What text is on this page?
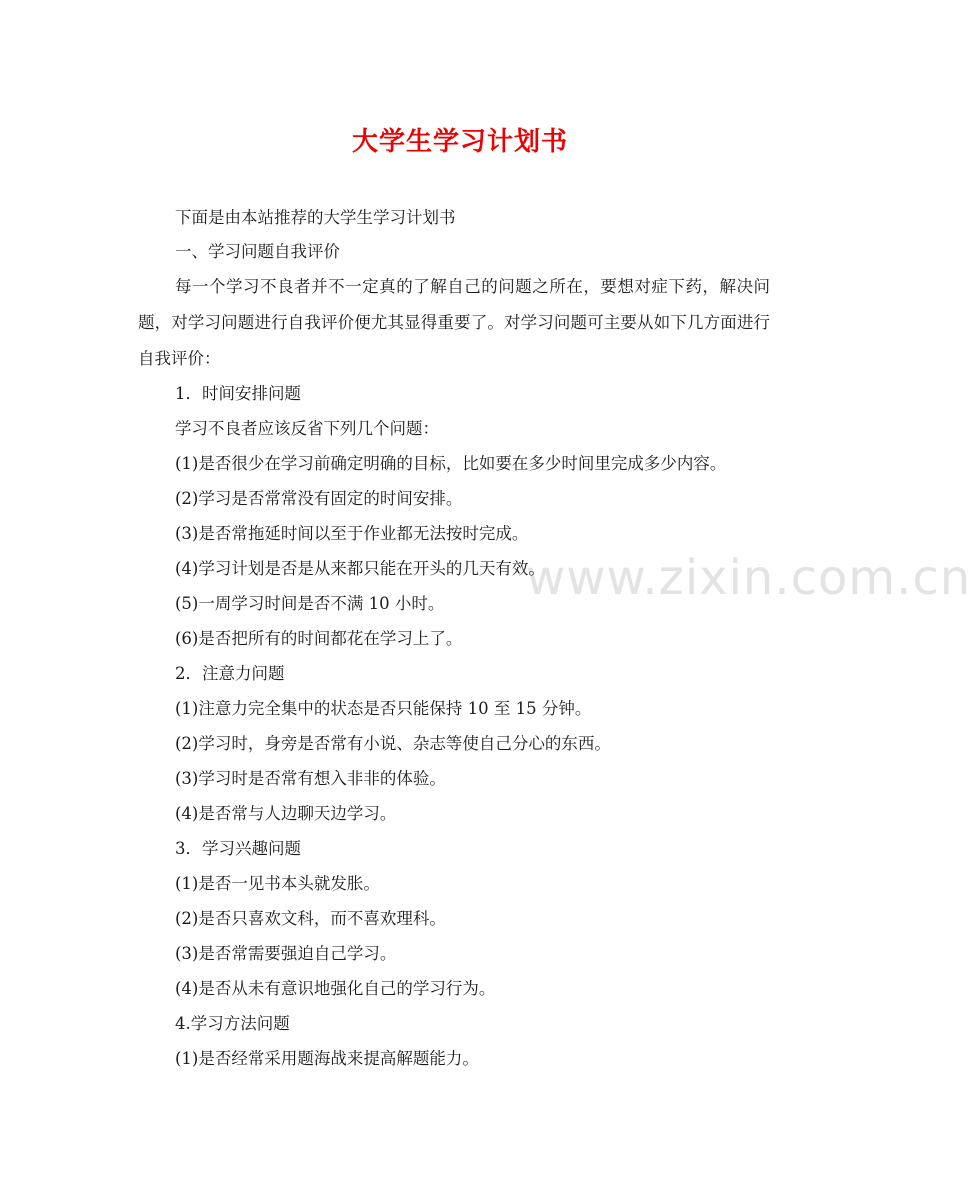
www.zixin.com.cn
大学生学习计划书
下面是由本站推荐的大学生学习计划书
一、学习问题自我评价
每一个学习不良者并不一定真的了解自己的问题之所在，要想对症下药，解决问题，对学习问题进行自我评价便尤其显得重要了。对学习问题可主要从如下几方面进行自我评价：
1．时间安排问题
学习不良者应该反省下列几个问题：
(1)是否很少在学习前确定明确的目标，比如要在多少时间里完成多少内容。
(2)学习是否常常没有固定的时间安排。
(3)是否常拖延时间以至于作业都无法按时完成。
(4)学习计划是否是从来都只能在开头的几天有效。
(5)一周学习时间是否不满 10 小时。
(6)是否把所有的时间都花在学习上了。
2．注意力问题
(1)注意力完全集中的状态是否只能保持 10 至 15 分钟。
(2)学习时，身旁是否常有小说、杂志等使自己分心的东西。
(3)学习时是否常有想入非非的体验。
(4)是否常与人边聊天边学习。
3．学习兴趣问题
(1)是否一见书本头就发胀。
(2)是否只喜欢文科，而不喜欢理科。
(3)是否常需要强迫自己学习。
(4)是否从未有意识地强化自己的学习行为。
4.学习方法问题
(1)是否经常采用题海战来提高解题能力。
